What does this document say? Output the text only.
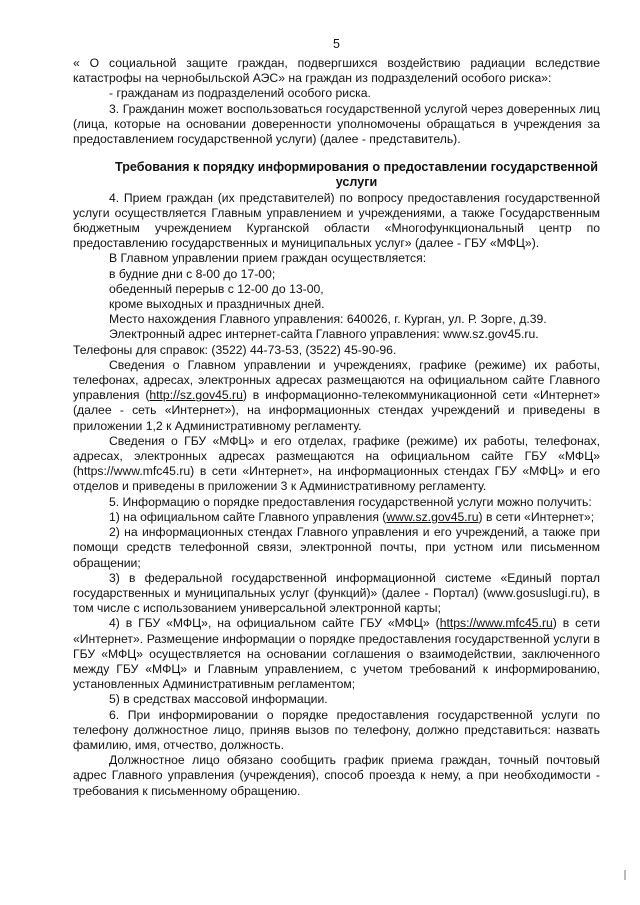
5

« О социальной защите граждан, подвергшихся воздействию радиации вследствие катастрофы на чернобыльской АЭС» на граждан из подразделений особого риска»:

- гражданам из подразделений особого риска.

3. Гражданин может воспользоваться государственной услугой через доверенных лиц (лица, которые на основании доверенности уполномочены обращаться в учреждения за предоставлением государственной услуги) (далее - представитель).

Требования к порядку информирования о предоставлении государственной услуги

4. Прием граждан (их представителей) по вопросу предоставления государственной услуги осуществляется Главным управлением и учреждениями, а также Государственным бюджетным учреждением Курганской области «Многофункциональный центр по предоставлению государственных и муниципальных услуг» (далее - ГБУ «МФЦ»).

В Главном управлении прием граждан осуществляется:

в будние дни с 8-00 до 17-00;

обеденный перерыв с 12-00 до 13-00,

кроме выходных и праздничных дней.

Место нахождения Главного управления: 640026, г. Курган, ул. Р. Зорге, д.39.

Электронный адрес интернет-сайта Главного управления: www.sz.gov45.ru.

Телефоны для справок: (3522) 44-73-53, (3522) 45-90-96.

Сведения о Главном управлении и учреждениях, графике (режиме) их работы, телефонах, адресах, электронных адресах размещаются на официальном сайте Главного управления (http://sz.gov45.ru) в информационно-телекоммуникационной сети «Интернет» (далее - сеть «Интернет»), на информационных стендах учреждений и приведены в приложении 1,2 к Административному регламенту.

Сведения о ГБУ «МФЦ» и его отделах, графике (режиме) их работы, телефонах, адресах, электронных адресах размещаются на официальном сайте ГБУ «МФЦ» (https://www.mfc45.ru) в сети «Интернет», на информационных стендах ГБУ «МФЦ» и его отделов и приведены в приложении 3 к Административному регламенту.

5. Информацию о порядке предоставления государственной услуги можно получить:

1) на официальном сайте Главного управления (www.sz.gov45.ru) в сети «Интернет»;

2) на информационных стендах Главного управления и его учреждений, а также при помощи средств телефонной связи, электронной почты, при устном или письменном обращении;

3) в федеральной государственной информационной системе «Единый портал государственных и муниципальных услуг (функций)» (далее - Портал) (www.gosuslugi.ru), в том числе с использованием универсальной электронной карты;

4) в ГБУ «МФЦ», на официальном сайте ГБУ «МФЦ» (https://www.mfc45.ru) в сети «Интернет». Размещение информации о порядке предоставления государственной услуги в ГБУ «МФЦ» осуществляется на основании соглашения о взаимодействии, заключенного между ГБУ «МФЦ» и Главным управлением, с учетом требований к информированию, установленных Административным регламентом;

5) в средствах массовой информации.

6. При информировании о порядке предоставления государственной услуги по телефону должностное лицо, приняв вызов по телефону, должно представиться: назвать фамилию, имя, отчество, должность.

Должностное лицо обязано сообщить график приема граждан, точный почтовый адрес Главного управления (учреждения), способ проезда к нему, а при необходимости - требования к письменному обращению.
